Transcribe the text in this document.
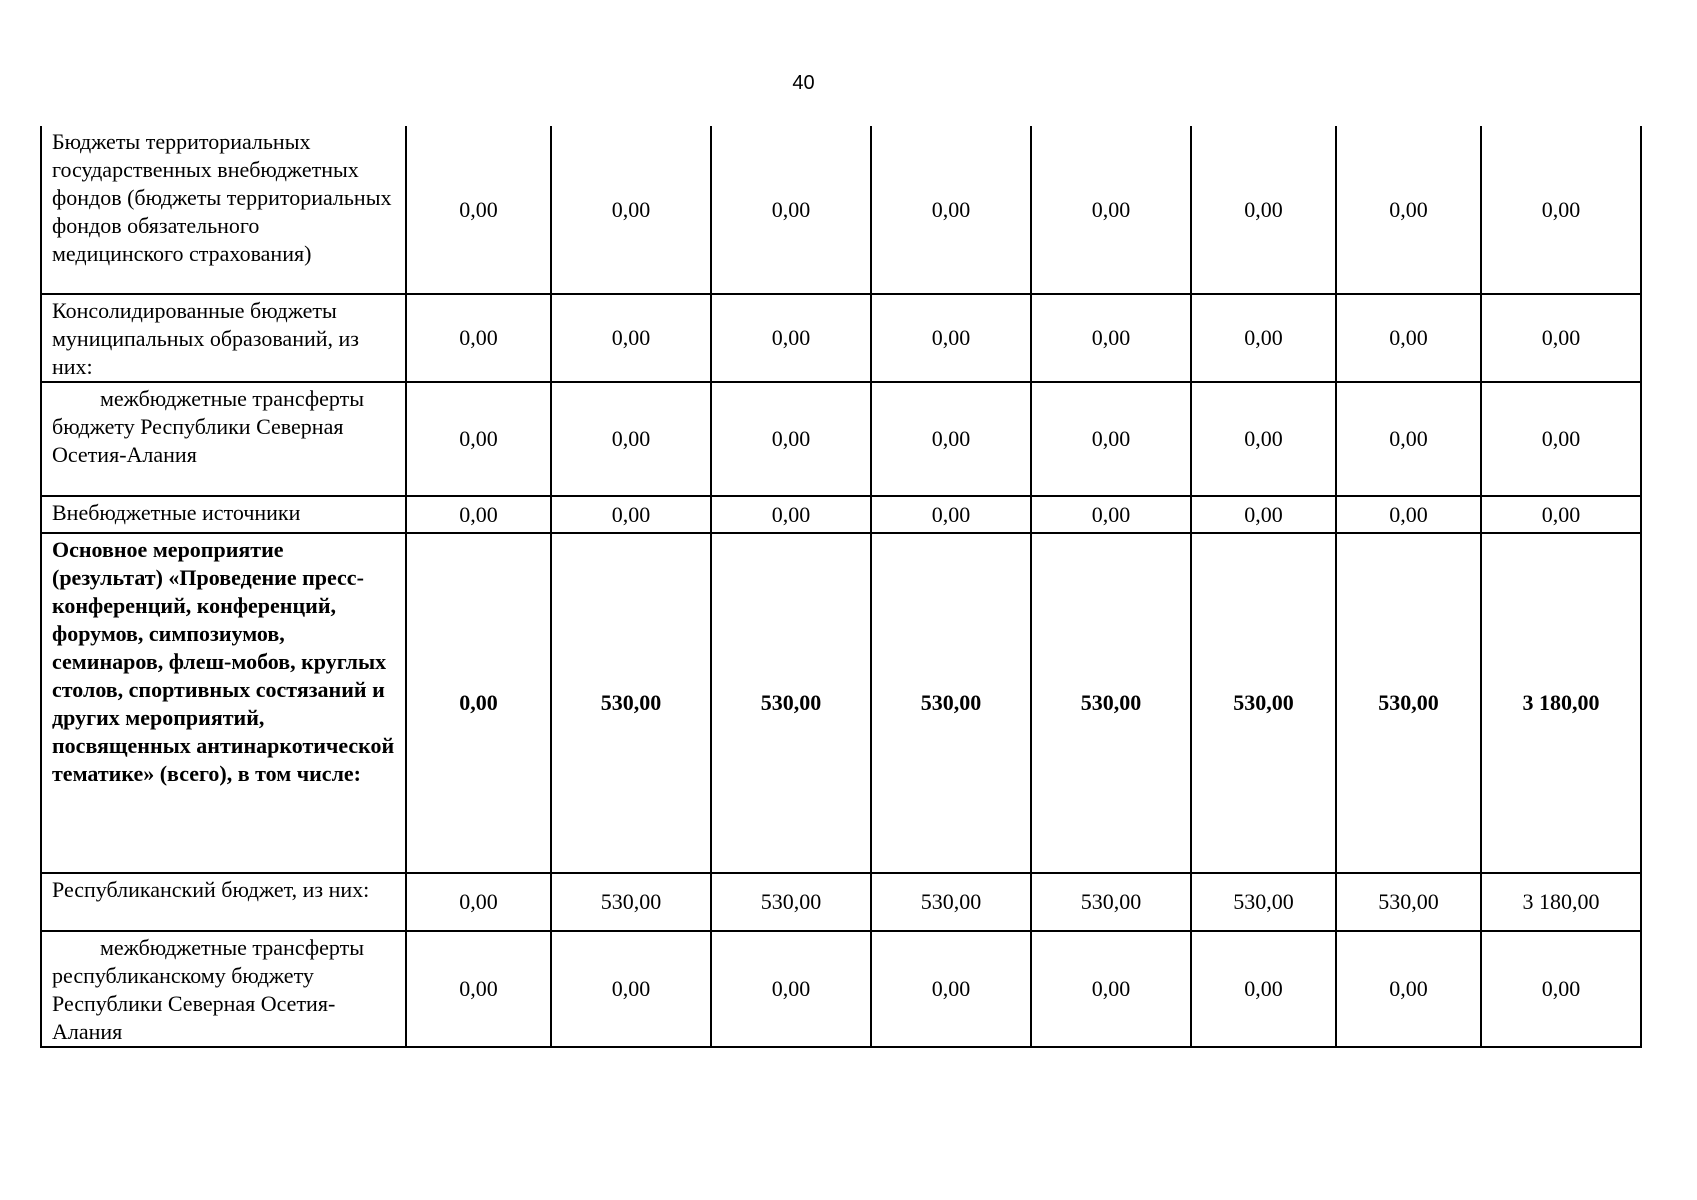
40
Бюджеты территориальных государственных внебюджетных фондов (бюджеты территориальных фондов обязательного медицинского страхования)	0,00	0,00	0,00	0,00	0,00	0,00	0,00	0,00
Консолидированные бюджеты муниципальных образований, из них:	0,00	0,00	0,00	0,00	0,00	0,00	0,00	0,00
межбюджетные трансферты бюджету Республики Северная Осетия-Алания	0,00	0,00	0,00	0,00	0,00	0,00	0,00	0,00
Внебюджетные источники	0,00	0,00	0,00	0,00	0,00	0,00	0,00	0,00
Основное мероприятие (результат) «Проведение пресс-конференций, конференций, форумов, симпозиумов, семинаров, флеш-мобов, круглых столов, спортивных состязаний и других мероприятий, посвященных антинаркотической тематике» (всего), в том числе:	0,00	530,00	530,00	530,00	530,00	530,00	530,00	3 180,00
Республиканский бюджет, из них:	0,00	530,00	530,00	530,00	530,00	530,00	530,00	3 180,00
межбюджетные трансферты республиканскому бюджету Республики Северная Осетия-Алания	0,00	0,00	0,00	0,00	0,00	0,00	0,00	0,00
